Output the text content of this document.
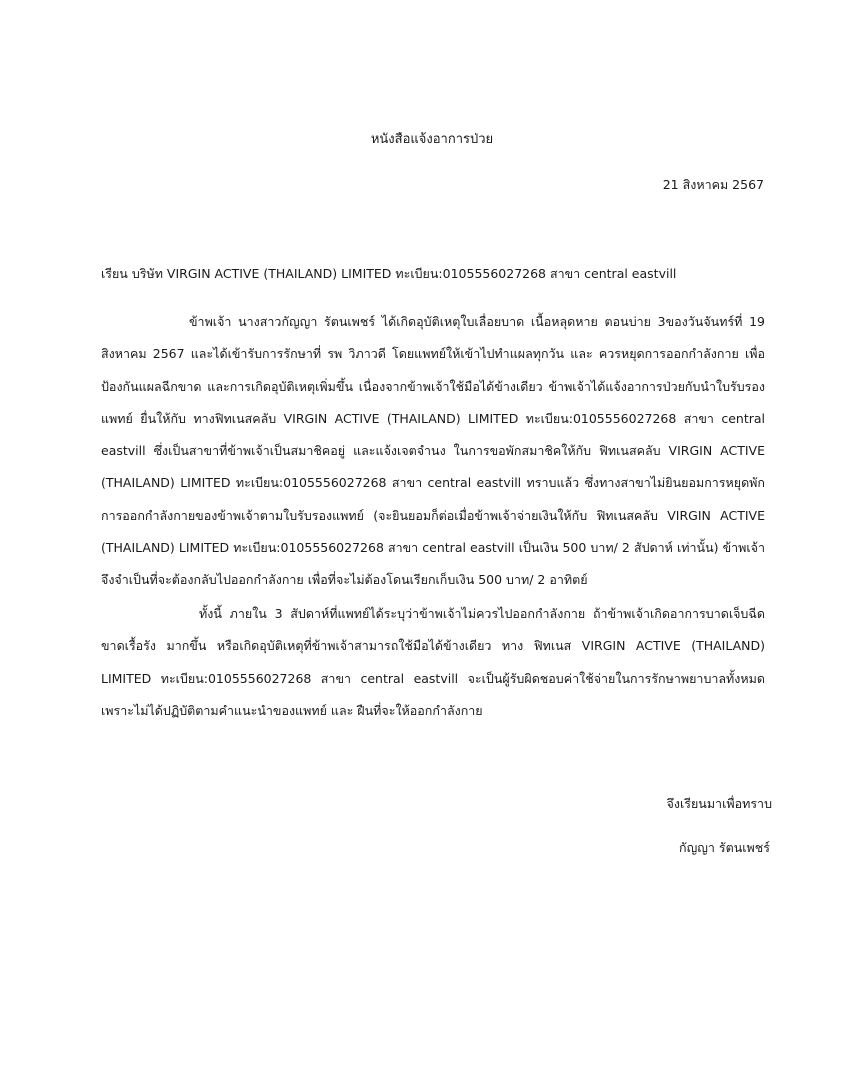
หนังสือแจ้งอาการป่วย
21 สิงหาคม 2567
เรียน บริษัท VIRGIN ACTIVE (THAILAND) LIMITED ทะเบียน:0105556027268 สาขา central eastvill

ข้าพเจ้า นางสาวกัญญา รัตนเพชร์ ได้เกิดอุบัติเหตุใบเลื่อยบาด เนื้อหลุดหาย ตอนบ่าย 3ของวันจันทร์ที่ 19 สิงหาคม 2567 และได้เข้ารับการรักษาที่ รพ วิภาวดี โดยแพทย์ให้เข้าไปทำแผลทุกวัน และ ควรหยุดการออกกำลังกาย เพื่อป้องกันแผลฉีกขาด และการเกิดอุบัติเหตุเพิ่มขึ้น เนื่องจากข้าพเจ้าใช้มือได้ข้างเดียว ข้าพเจ้าได้แจ้งอาการป่วยกับนำใบรับรองแพทย์ ยื่นให้กับ ทางฟิทเนสคลับ VIRGIN ACTIVE (THAILAND) LIMITED ทะเบียน:0105556027268 สาขา central eastvill ซึ่งเป็นสาขาที่ข้าพเจ้าเป็นสมาชิคอยู่ และแจ้งเจตจำนง ในการขอพักสมาชิคให้กับ ฟิทเนสคลับ VIRGIN ACTIVE (THAILAND) LIMITED ทะเบียน:0105556027268 สาขา central eastvill ทราบแล้ว ซึ่งทางสาขาไม่ยินยอมการหยุดพักการออกกำลังกายของข้าพเจ้าตามใบรับรองแพทย์ (จะยินยอมก็ต่อเมื่อข้าพเจ้าจ่ายเงินให้กับ ฟิทเนสคลับ VIRGIN ACTIVE (THAILAND) LIMITED ทะเบียน:0105556027268 สาขา central eastvill เป็นเงิน 500 บาท/ 2 สัปดาห์ เท่านั้น) ข้าพเจ้าจึงจำเป็นที่จะต้องกลับไปออกกำลังกาย เพื่อที่จะไม่ต้องโดนเรียกเก็บเงิน 500 บาท/ 2 อาทิตย์

ทั้งนี้ ภายใน 3 สัปดาห์ที่แพทย์ได้ระบุว่าข้าพเจ้าไม่ควรไปออกกำลังกาย ถ้าข้าพเจ้าเกิดอาการบาดเจ็บฉีดขาดเรื้อรัง มากขึ้น หรือเกิดอุบัติเหตุที่ข้าพเจ้าสามารถใช้มือได้ข้างเดียว ทาง ฟิทเนส VIRGIN ACTIVE (THAILAND) LIMITED ทะเบียน:0105556027268 สาขา central eastvill จะเป็นผู้รับผิดชอบค่าใช้จ่ายในการรักษาพยาบาลทั้งหมด เพราะไม่ได้ปฏิบัติตามคำแนะนำของแพทย์ และ ฝืนที่จะให้ออกกำลังกาย

จึงเรียนมาเพื่อทราบ
กัญญา รัตนเพชร์
